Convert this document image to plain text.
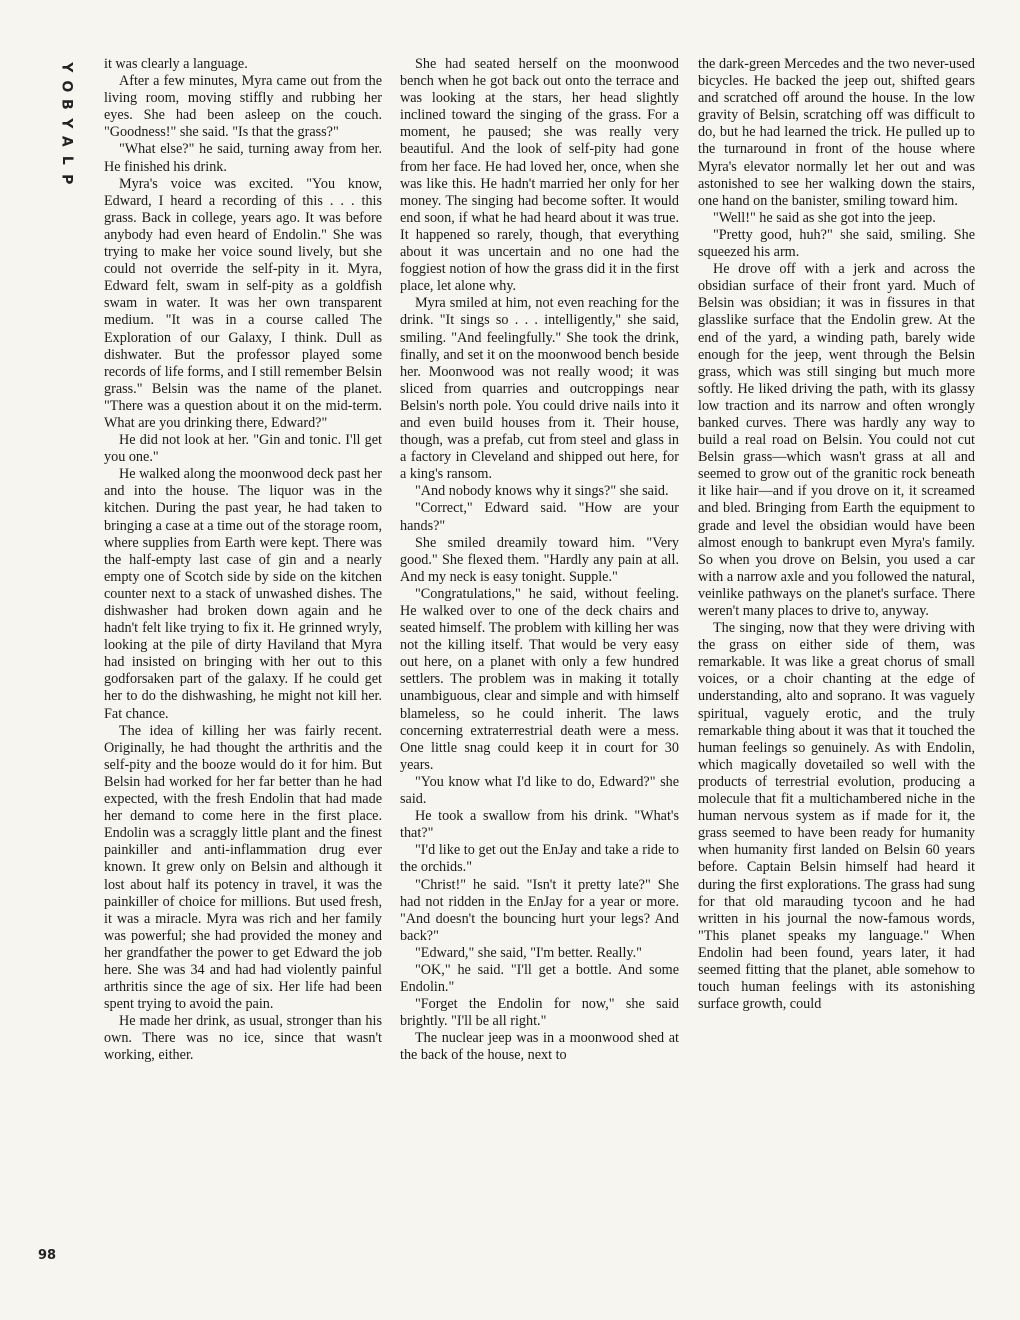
Y
O
B
Y
A
L
P
98

it was clearly a language.

After a few minutes, Myra came out from the living room, moving stiffly and rubbing her eyes. She had been asleep on the couch. "Goodness!" she said. "Is that the grass?"

"What else?" he said, turning away from her. He finished his drink.

Myra's voice was excited. "You know, Edward, I heard a recording of this . . . this grass. Back in college, years ago. It was before anybody had even heard of Endolin." She was trying to make her voice sound lively, but she could not override the self-pity in it. Myra, Edward felt, swam in self-pity as a goldfish swam in water. It was her own transparent medium. "It was in a course called The Exploration of our Galaxy, I think. Dull as dishwater. But the professor played some records of life forms, and I still remember Belsin grass." Belsin was the name of the planet. "There was a question about it on the mid-term. What are you drinking there, Edward?"

He did not look at her. "Gin and tonic. I'll get you one."

He walked along the moonwood deck past her and into the house. The liquor was in the kitchen. During the past year, he had taken to bringing a case at a time out of the storage room, where supplies from Earth were kept. There was the half-empty last case of gin and a nearly empty one of Scotch side by side on the kitchen counter next to a stack of unwashed dishes. The dishwasher had broken down again and he hadn't felt like trying to fix it. He grinned wryly, looking at the pile of dirty Haviland that Myra had insisted on bringing with her out to this godforsaken part of the galaxy. If he could get her to do the dishwashing, he might not kill her. Fat chance.

The idea of killing her was fairly recent. Originally, he had thought the arthritis and the self-pity and the booze would do it for him. But Belsin had worked for her far better than he had expected, with the fresh Endolin that had made her demand to come here in the first place. Endolin was a scraggly little plant and the finest painkiller and anti-inflammation drug ever known. It grew only on Belsin and although it lost about half its potency in travel, it was the painkiller of choice for millions. But used fresh, it was a miracle. Myra was rich and her family was powerful; she had provided the money and her grandfather the power to get Edward the job here. She was 34 and had had violently painful arthritis since the age of six. Her life had been spent trying to avoid the pain.

He made her drink, as usual, stronger than his own. There was no ice, since that wasn't working, either.

She had seated herself on the moonwood bench when he got back out onto the terrace and was looking at the stars, her head slightly inclined toward the singing of the grass. For a moment, he paused; she was really very beautiful. And the look of self-pity had gone from her face. He had loved her, once, when she was like this. He hadn't married her only for her money. The singing had become softer. It would end soon, if what he had heard about it was true. It happened so rarely, though, that everything about it was uncertain and no one had the foggiest notion of how the grass did it in the first place, let alone why.

Myra smiled at him, not even reaching for the drink. "It sings so . . . intelligently," she said, smiling. "And feelingfully." She took the drink, finally, and set it on the moonwood bench beside her. Moonwood was not really wood; it was sliced from quarries and outcroppings near Belsin's north pole. You could drive nails into it and even build houses from it. Their house, though, was a prefab, cut from steel and glass in a factory in Cleveland and shipped out here, for a king's ransom.

"And nobody knows why it sings?" she said.

"Correct," Edward said. "How are your hands?"

She smiled dreamily toward him. "Very good." She flexed them. "Hardly any pain at all. And my neck is easy tonight. Supple."

"Congratulations," he said, without feeling. He walked over to one of the deck chairs and seated himself. The problem with killing her was not the killing itself. That would be very easy out here, on a planet with only a few hundred settlers. The problem was in making it totally unambiguous, clear and simple and with himself blameless, so he could inherit. The laws concerning extraterrestrial death were a mess. One little snag could keep it in court for 30 years.

"You know what I'd like to do, Edward?" she said.

He took a swallow from his drink. "What's that?"

"I'd like to get out the EnJay and take a ride to the orchids."

"Christ!" he said. "Isn't it pretty late?" She had not ridden in the EnJay for a year or more. "And doesn't the bouncing hurt your legs? And back?"

"Edward," she said, "I'm better. Really."

"OK," he said. "I'll get a bottle. And some Endolin."

"Forget the Endolin for now," she said brightly. "I'll be all right."

The nuclear jeep was in a moonwood shed at the back of the house, next to

the dark-green Mercedes and the two never-used bicycles. He backed the jeep out, shifted gears and scratched off around the house. In the low gravity of Belsin, scratching off was difficult to do, but he had learned the trick. He pulled up to the turnaround in front of the house where Myra's elevator normally let her out and was astonished to see her walking down the stairs, one hand on the banister, smiling toward him.

"Well!" he said as she got into the jeep.

"Pretty good, huh?" she said, smiling. She squeezed his arm.

He drove off with a jerk and across the obsidian surface of their front yard. Much of Belsin was obsidian; it was in fissures in that glasslike surface that the Endolin grew. At the end of the yard, a winding path, barely wide enough for the jeep, went through the Belsin grass, which was still singing but much more softly. He liked driving the path, with its glassy low traction and its narrow and often wrongly banked curves. There was hardly any way to build a real road on Belsin. You could not cut Belsin grass—which wasn't grass at all and seemed to grow out of the granitic rock beneath it like hair—and if you drove on it, it screamed and bled. Bringing from Earth the equipment to grade and level the obsidian would have been almost enough to bankrupt even Myra's family. So when you drove on Belsin, you used a car with a narrow axle and you followed the natural, veinlike pathways on the planet's surface. There weren't many places to drive to, anyway.

The singing, now that they were driving with the grass on either side of them, was remarkable. It was like a great chorus of small voices, or a choir chanting at the edge of understanding, alto and soprano. It was vaguely spiritual, vaguely erotic, and the truly remarkable thing about it was that it touched the human feelings so genuinely. As with Endolin, which magically dovetailed so well with the products of terrestrial evolution, producing a molecule that fit a multichambered niche in the human nervous system as if made for it, the grass seemed to have been ready for humanity when humanity first landed on Belsin 60 years before. Captain Belsin himself had heard it during the first explorations. The grass had sung for that old marauding tycoon and he had written in his journal the now-famous words, "This planet speaks my language." When Endolin had been found, years later, it had seemed fitting that the planet, able somehow to touch human feelings with its astonishing surface growth, could
